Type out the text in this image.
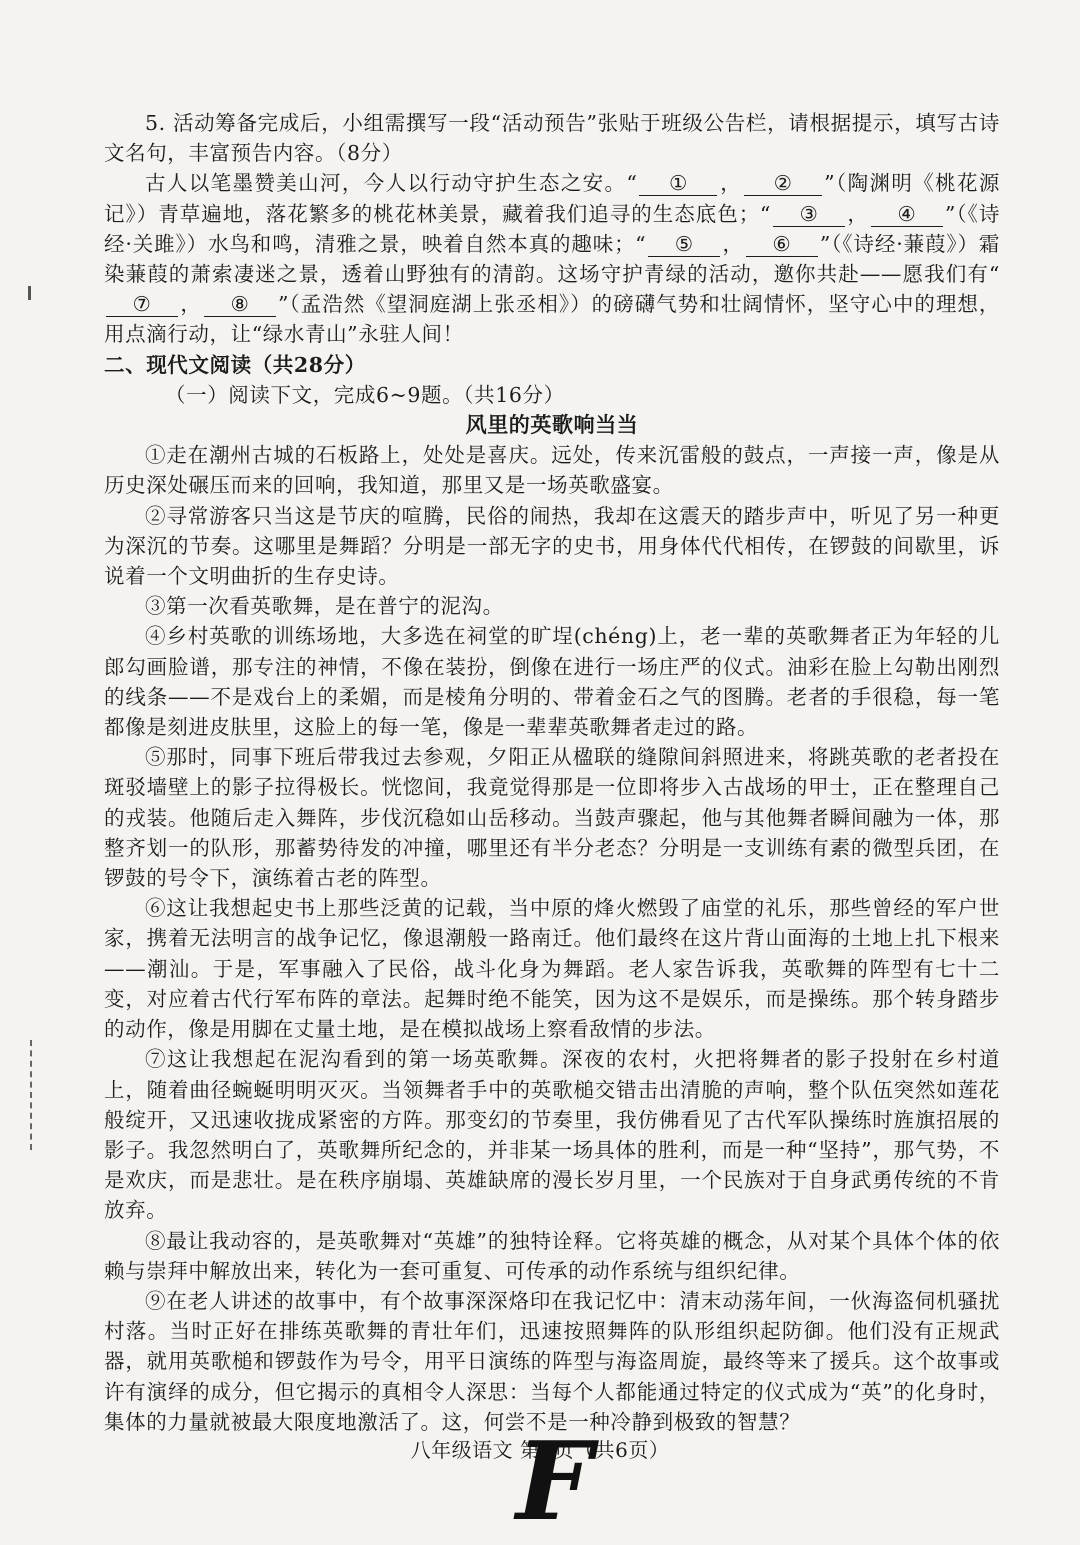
5. 活动筹备完成后，小组需撰写一段“活动预告”张贴于班级公告栏，请根据提示，填写古诗文名句，丰富预告内容。（8分）

古人以笔墨赞美山河，今人以行动守护生态之安。“ ① ， ② ”（陶渊明《桃花源记》）青草遍地，落花繁多的桃花林美景，藏着我们追寻的生态底色；“ ③ ， ④ ”（《诗经·关雎》）水鸟和鸣，清雅之景，映着自然本真的趣味；“ ⑤ ， ⑥ ”（《诗经·蒹葭》）霜染蒹葭的萧索凄迷之景，透着山野独有的清韵。这场守护青绿的活动，邀你共赴——愿我们有“⑦ ， ⑧ ”（孟浩然《望洞庭湖上张丞相》）的磅礴气势和壮阔情怀，坚守心中的理想，用点滴行动，让“绿水青山”永驻人间！

二、现代文阅读（共28分）
（一）阅读下文，完成6~9题。（共16分）
风里的英歌响当当

①走在潮州古城的石板路上，处处是喜庆。远处，传来沉雷般的鼓点，一声接一声，像是从历史深处碾压而来的回响，我知道，那里又是一场英歌盛宴。

②寻常游客只当这是节庆的喧腾，民俗的闹热，我却在这震天的踏步声中，听见了另一种更为深沉的节奏。这哪里是舞蹈？分明是一部无字的史书，用身体代代相传，在锣鼓的间歇里，诉说着一个文明曲折的生存史诗。

③第一次看英歌舞，是在普宁的泥沟。

④乡村英歌的训练场地，大多选在祠堂的旷埕(chéng)上，老一辈的英歌舞者正为年轻的儿郎勾画脸谱，那专注的神情，不像在装扮，倒像在进行一场庄严的仪式。油彩在脸上勾勒出刚烈的线条——不是戏台上的柔媚，而是棱角分明的、带着金石之气的图腾。老者的手很稳，每一笔都像是刻进皮肤里，这脸上的每一笔，像是一辈辈英歌舞者走过的路。

⑤那时，同事下班后带我过去参观，夕阳正从楹联的缝隙间斜照进来，将跳英歌的老者投在斑驳墙壁上的影子拉得极长。恍惚间，我竟觉得那是一位即将步入古战场的甲士，正在整理自己的戎装。他随后走入舞阵，步伐沉稳如山岳移动。当鼓声骤起，他与其他舞者瞬间融为一体，那整齐划一的队形，那蓄势待发的冲撞，哪里还有半分老态？分明是一支训练有素的微型兵团，在锣鼓的号令下，演练着古老的阵型。

⑥这让我想起史书上那些泛黄的记载，当中原的烽火燃毁了庙堂的礼乐，那些曾经的军户世家，携着无法明言的战争记忆，像退潮般一路南迁。他们最终在这片背山面海的土地上扎下根来——潮汕。于是，军事融入了民俗，战斗化身为舞蹈。老人家告诉我，英歌舞的阵型有七十二变，对应着古代行军布阵的章法。起舞时绝不能笑，因为这不是娱乐，而是操练。那个转身踏步的动作，像是用脚在丈量土地，是在模拟战场上察看敌情的步法。

⑦这让我想起在泥沟看到的第一场英歌舞。深夜的农村，火把将舞者的影子投射在乡村道上，随着曲径蜿蜒明明灭灭。当领舞者手中的英歌槌交错击出清脆的声响，整个队伍突然如莲花般绽开，又迅速收拢成紧密的方阵。那变幻的节奏里，我仿佛看见了古代军队操练时旌旗招展的影子。我忽然明白了，英歌舞所纪念的，并非某一场具体的胜利，而是一种“坚持”，那气势，不是欢庆，而是悲壮。是在秩序崩塌、英雄缺席的漫长岁月里，一个民族对于自身武勇传统的不肯放弃。

⑧最让我动容的，是英歌舞对“英雄”的独特诠释。它将英雄的概念，从对某个具体个体的依赖与崇拜中解放出来，转化为一套可重复、可传承的动作系统与组织纪律。

⑨在老人讲述的故事中，有个故事深深烙印在我记忆中：清末动荡年间，一伙海盗伺机骚扰村落。当时正好在排练英歌舞的青壮年们，迅速按照舞阵的队形组织起防御。他们没有正规武器，就用英歌槌和锣鼓作为号令，用平日演练的阵型与海盗周旋，最终等来了援兵。这个故事或许有演绎的成分，但它揭示的真相令人深思：当每个人都能通过特定的仪式成为“英”的化身时，集体的力量就被最大限度地激活了。这，何尝不是一种冷静到极致的智慧？

八年级语文 第2页（共6页）
F
